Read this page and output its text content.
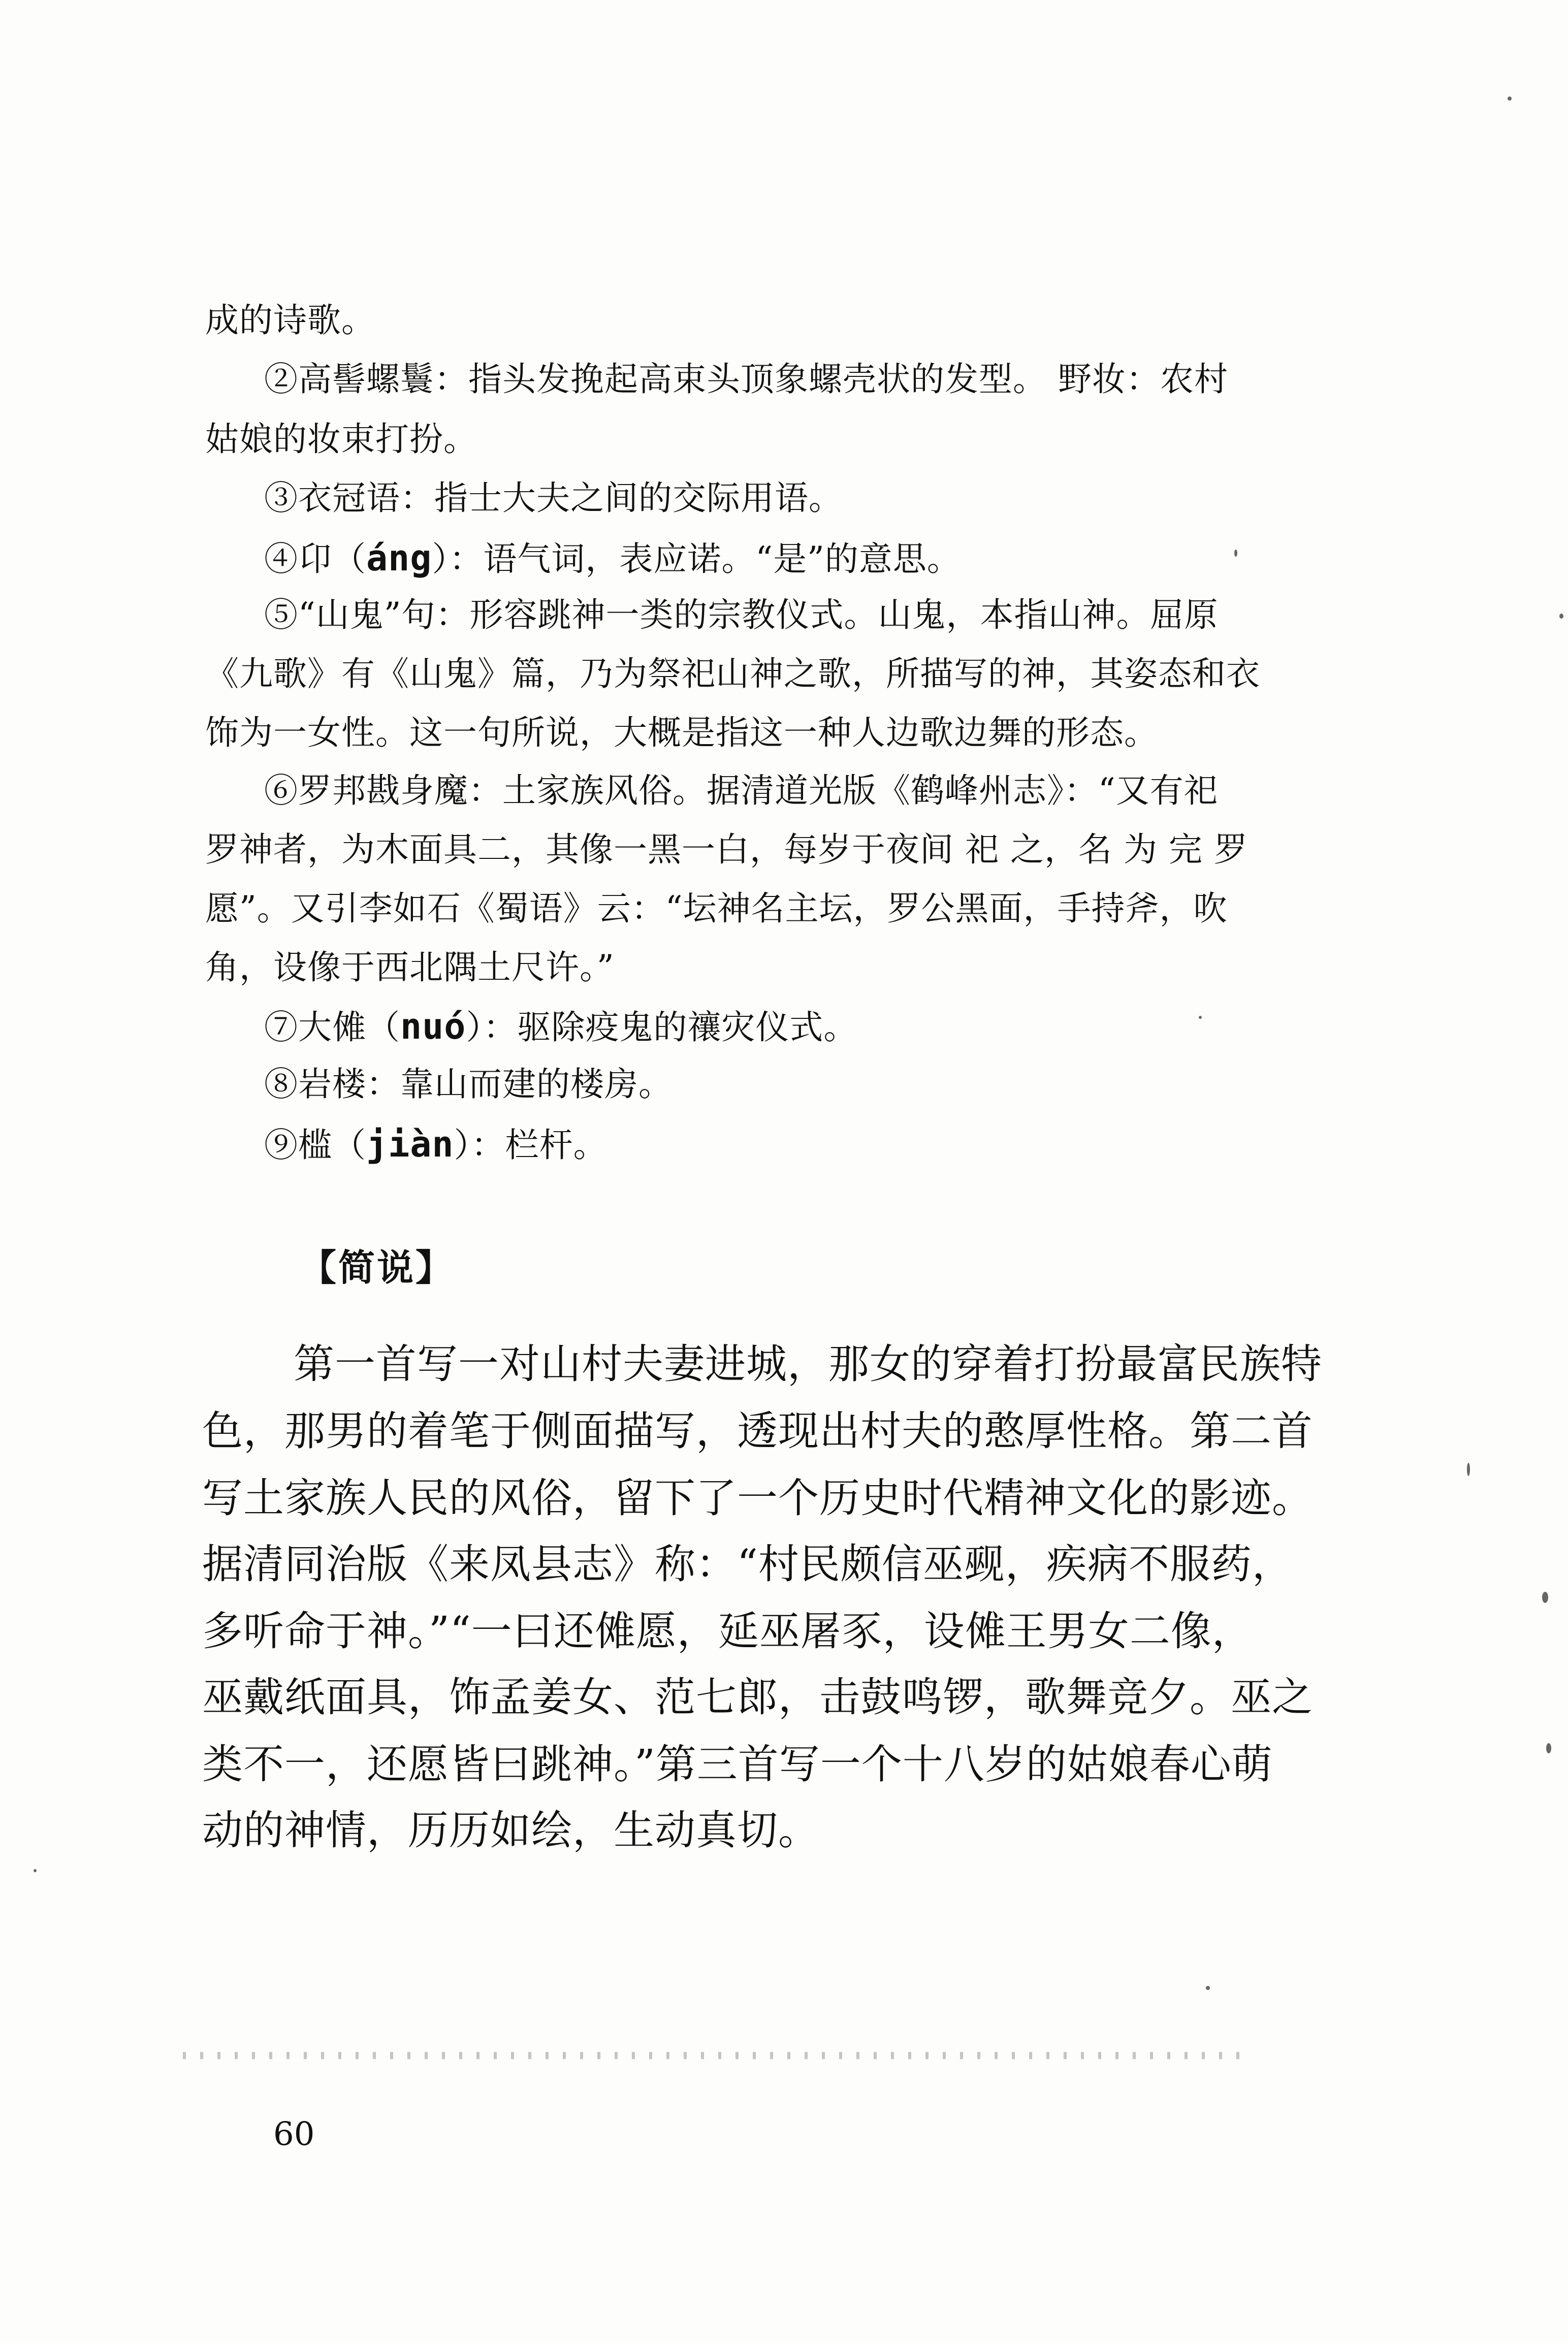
成的诗歌。
②高髻螺鬟：指头发挽起高束头顶象螺壳状的发型。 野妆：农村
姑娘的妆束打扮。
③衣冠语：指士大夫之间的交际用语。
④卬（áng）：语气词，表应诺。“是”的意思。
⑤“山鬼”句：形容跳神一类的宗教仪式。山鬼，本指山神。屈原
《九歌》有《山鬼》篇，乃为祭祀山神之歌，所描写的神，其姿态和衣
饰为一女性。这一句所说，大概是指这一种人边歌边舞的形态。
⑥罗邦戡身魔：土家族风俗。据清道光版《鹤峰州志》：“又有祀
罗神者，为木面具二，其像一黑一白，每岁于夜间 祀 之，名 为 完 罗
愿”。又引李如石《蜀语》云：“坛神名主坛，罗公黑面，手持斧，吹
角，设像于西北隅土尺许。”
⑦大傩（nuó）：驱除疫鬼的禳灾仪式。
⑧岩楼：靠山而建的楼房。
⑨槛（jiàn）：栏杆。
【简说】
第一首写一对山村夫妻进城，那女的穿着打扮最富民族特
色，那男的着笔于侧面描写，透现出村夫的憨厚性格。第二首
写土家族人民的风俗，留下了一个历史时代精神文化的影迹。
据清同治版《来凤县志》称：“村民颇信巫觋，疾病不服药，
多听命于神。”“一曰还傩愿，延巫屠豕，设傩王男女二像，
巫戴纸面具，饰孟姜女、范七郎，击鼓鸣锣，歌舞竞夕。巫之
类不一，还愿皆曰跳神。”第三首写一个十八岁的姑娘春心萌
动的神情，历历如绘，生动真切。
60
